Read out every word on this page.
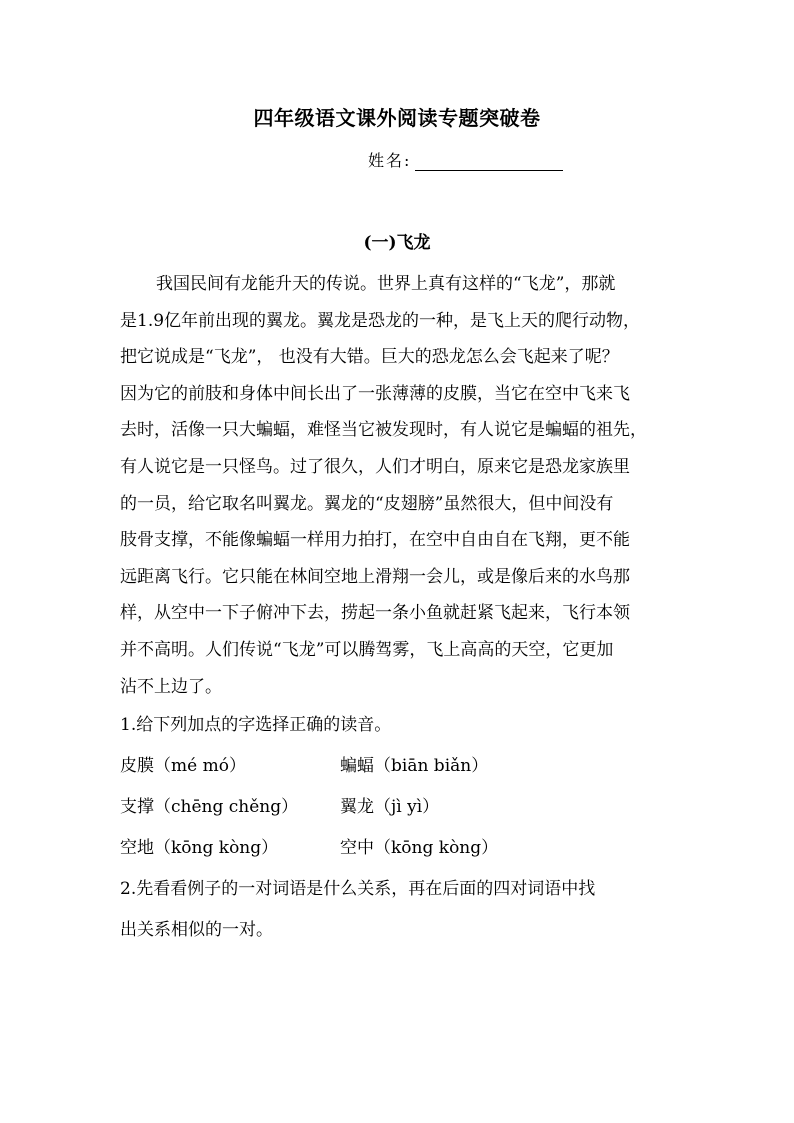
四年级语文课外阅读专题突破卷
姓名:
(一)飞龙

我国民间有龙能升天的传说。世界上真有这样的“飞龙”，那就
是1.9亿年前出现的翼龙。翼龙是恐龙的一种，是飞上天的爬行动物，
把它说成是“飞龙”， 也没有大错。巨大的恐龙怎么会飞起来了呢？
因为它的前肢和身体中间长出了一张薄薄的皮膜，当它在空中飞来飞
去时，活像一只大蝙蝠，难怪当它被发现时，有人说它是蝙蝠的祖先，
有人说它是一只怪鸟。过了很久，人们才明白，原来它是恐龙家族里
的一员，给它取名叫翼龙。翼龙的“皮翅膀”虽然很大，但中间没有
肢骨支撑，不能像蝙蝠一样用力拍打，在空中自由自在飞翔，更不能
远距离飞行。它只能在林间空地上滑翔一会儿，或是像后来的水鸟那
样，从空中一下子俯冲下去，捞起一条小鱼就赶紧飞起来，飞行本领
并不高明。人们传说“飞龙”可以腾驾雾，飞上高高的天空，它更加
沾不上边了。

1.给下列加点的字选择正确的读音。

皮膜（mé mó）	蝙蝠（biān biǎn）
支撑（chēng chěng）	翼龙（jì yì）
空地（kōng kòng）	空中（kōng kòng）

2.先看看例子的一对词语是什么关系，再在后面的四对词语中找

出关系相似的一对。
